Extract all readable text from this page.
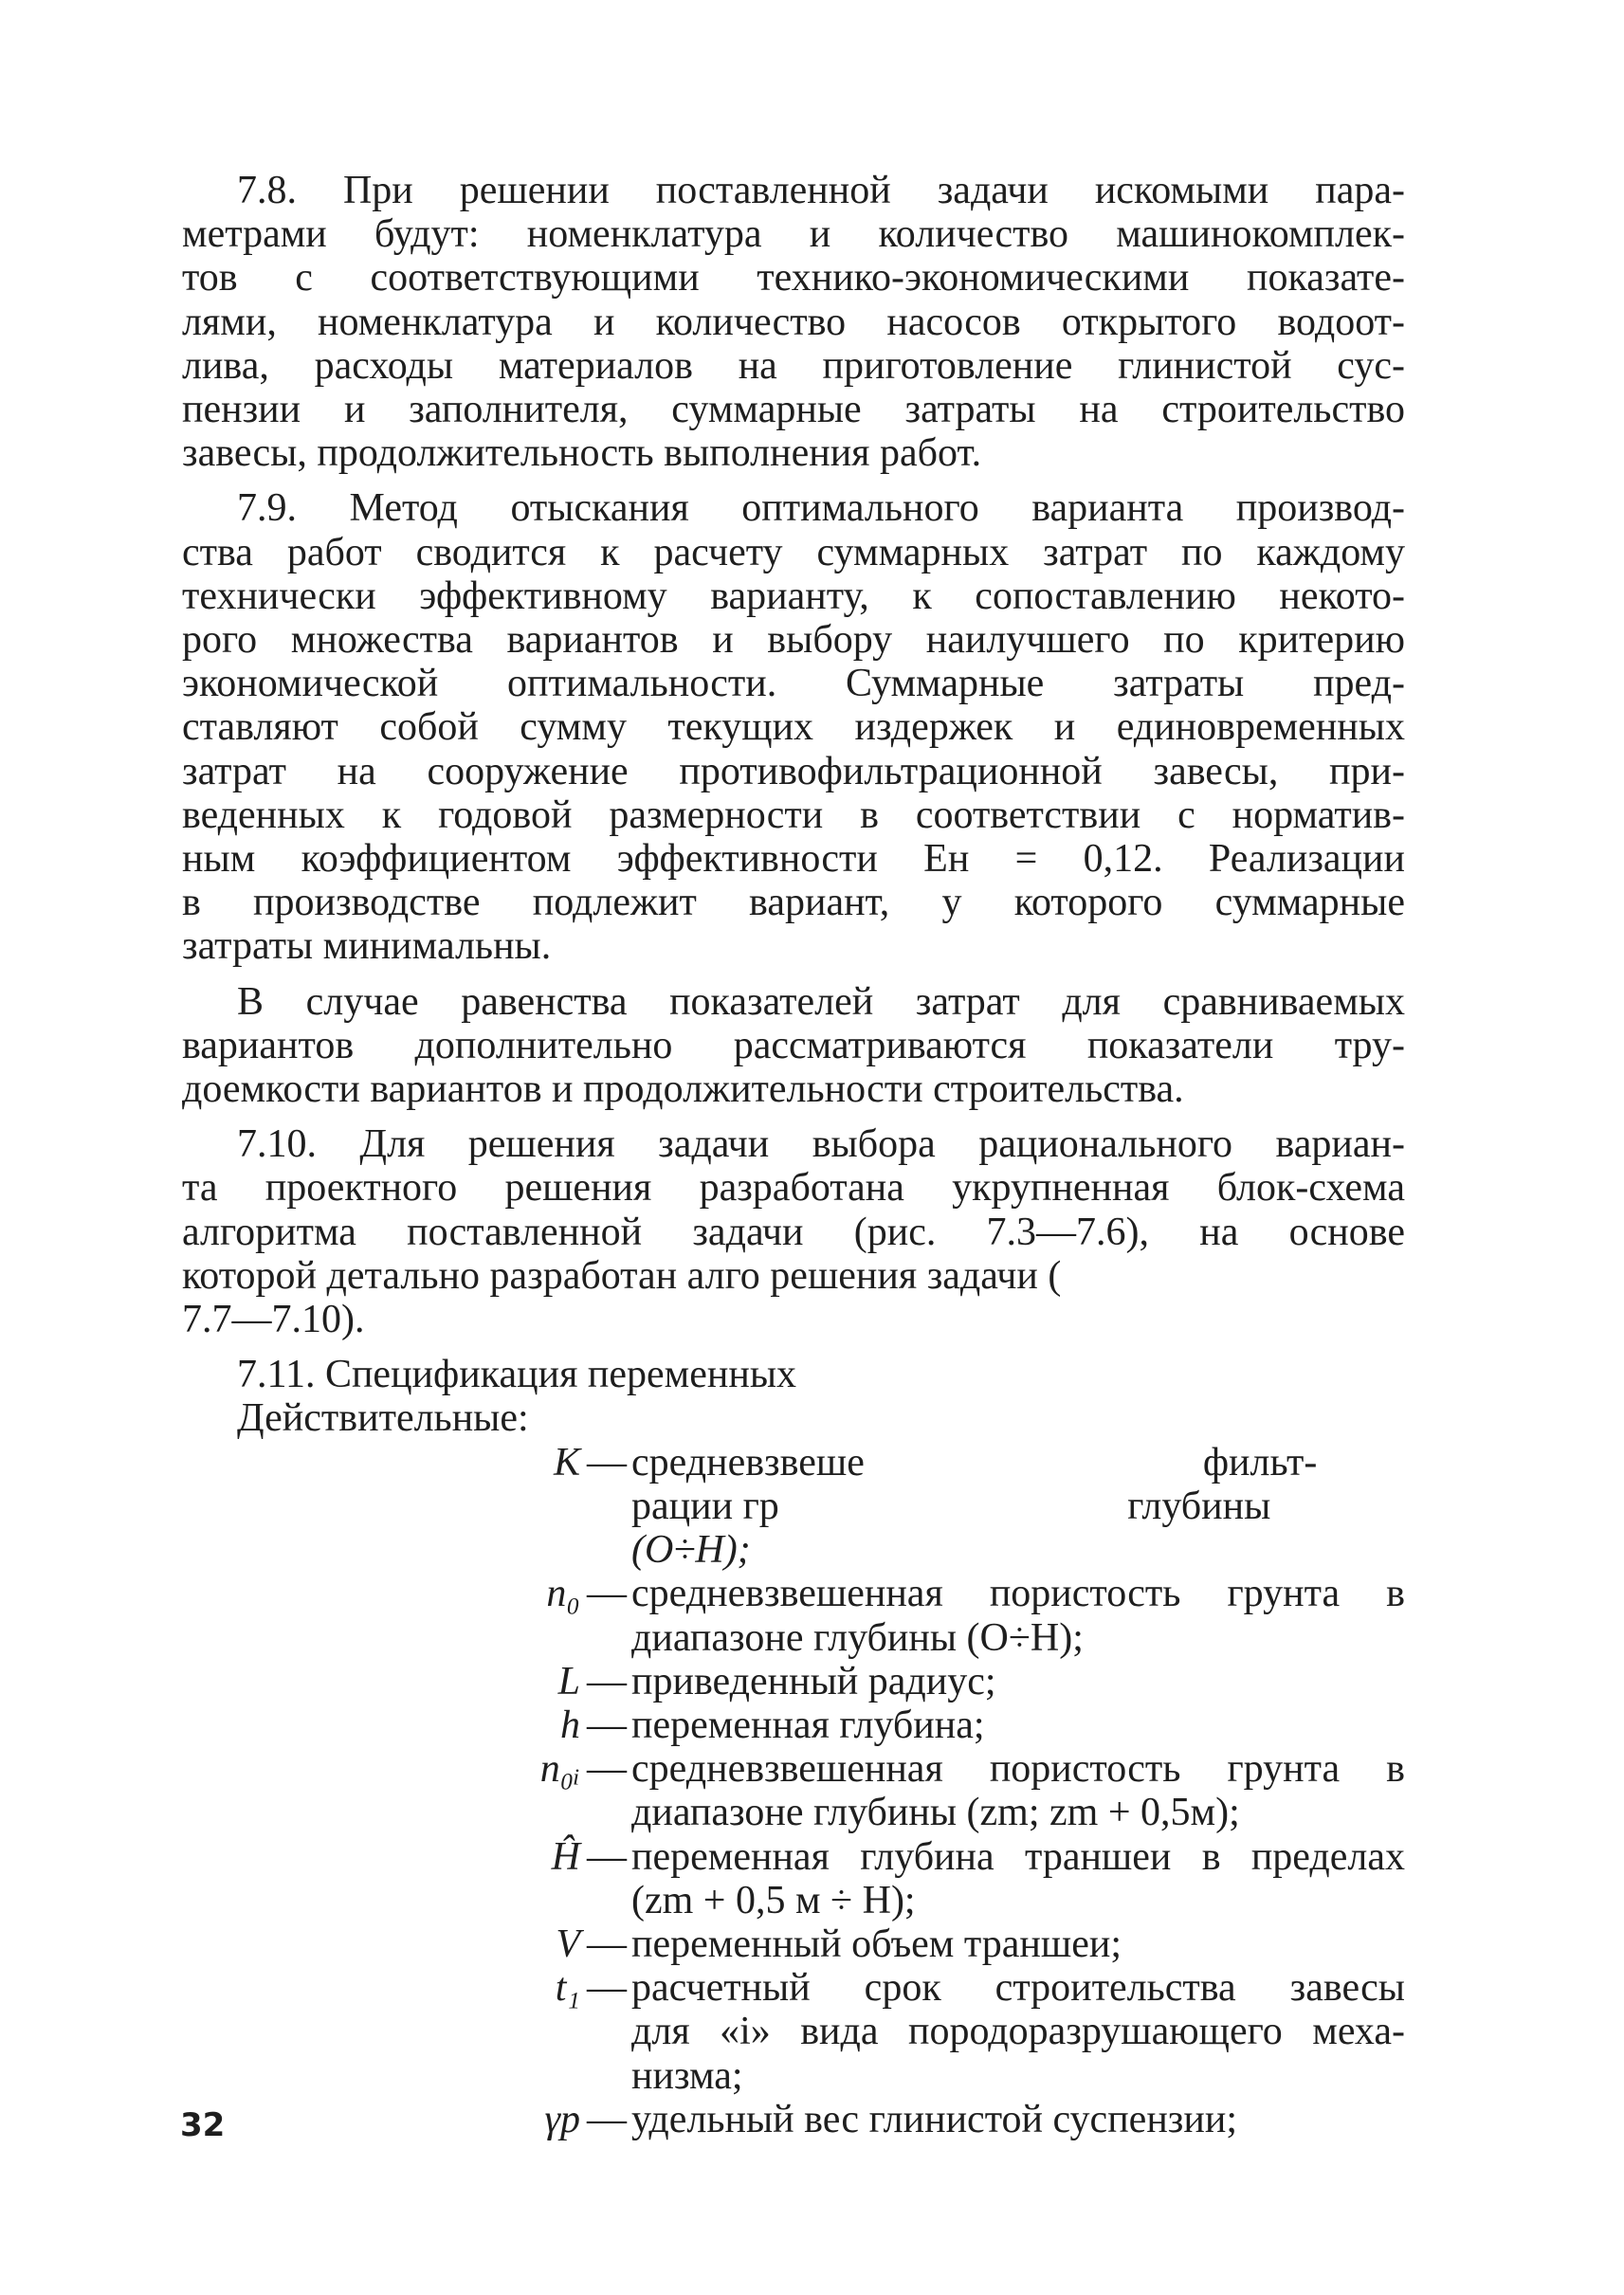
7.8. При решении поставленной задачи искомыми пара-
метрами будут: номенклатура и количество машинокомплек-
тов с соответствующими технико-экономическими показате-
лями, номенклатура и количество насосов открытого водоот-
лива, расходы материалов на приготовление глинистой сус-
пензии и заполнителя, суммарные затраты на строительство
завесы, продолжительность выполнения работ.
7.9. Метод отыскания оптимального варианта производ-
ства работ сводится к расчету суммарных затрат по каждому
технически эффективному варианту, к сопоставлению некото-
рого множества вариантов и выбору наилучшего по критерию
экономической оптимальности. Суммарные затраты пред-
ставляют собой сумму текущих издержек и единовременных
затрат на сооружение противофильтрационной завесы, при-
веденных к годовой размерности в соответствии с норматив-
ным коэффициентом эффективности Eн = 0,12. Реализации
в производстве подлежит вариант, у которого суммарные
затраты минимальны.
В случае равенства показателей затрат для сравниваемых
вариантов дополнительно рассматриваются показатели тру-
доемкости вариантов и продолжительности строительства.
7.10. Для решения задачи выбора рационального вариан-
та проектного решения разработана укрупненная блок-схема
алгоритма поставленной задачи (рис. 7.3—7.6), на основе
которой детально разработан алго решения задачи (
7.7—7.10).
7.11. Спецификация переменных
Действительные:
K — средневзвеше                                  фильт-
рации гр                                   глубины
(O÷H);
n₀ — средневзвешенная пористость грунта в
диапазоне глубины (O÷H);
L — приведенный радиус;
h — переменная глубина;
n₀ᵢ — средневзвешенная пористость грунта в
диапазоне глубины (zm; zm + 0,5м);
Ĥ — переменная глубина траншеи в пределах
(zm + 0,5 м ÷ H);
V — переменный объем траншеи;
t₁ — расчетный срок строительства завесы
для «i» вида породоразрушающего меха-
низма;
γр — удельный вес глинистой суспензии;
32
